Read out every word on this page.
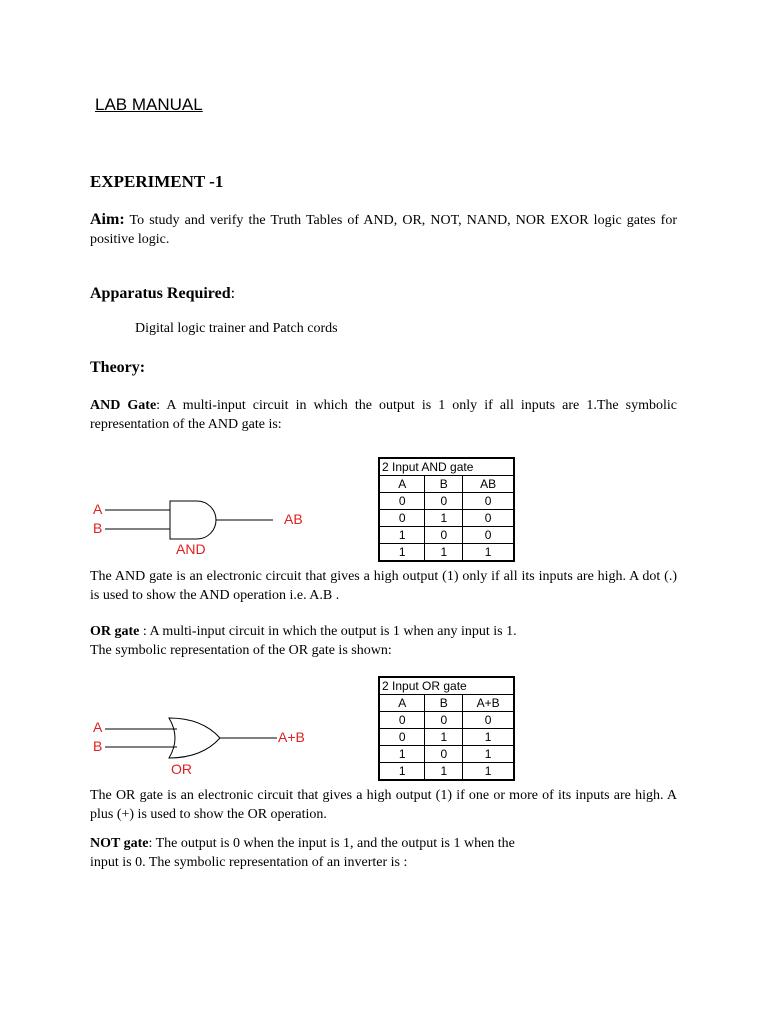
LAB MANUAL
EXPERIMENT -1
Aim: To study and verify the Truth Tables of AND, OR, NOT, NAND, NOR EXOR logic gates for positive logic.
Apparatus Required:
Digital logic trainer and Patch cords
Theory:
AND Gate: A multi-input circuit in which the output is 1 only if all inputs are 1.The symbolic representation of the AND gate is:
A
B
AB
AND
2 Input AND gate		
A	B	AB
0	0	0
0	1	0
1	0	0
1	1	1
The AND gate is an electronic circuit that gives a high output (1) only if all its inputs are high. A dot (.) is used to show the AND operation i.e. A.B .
OR gate : A multi-input circuit in which the output is 1 when any input is 1.
The symbolic representation of the OR gate is shown:
A
B
A+B
OR
2 Input OR gate		
A	B	A+B
0	0	0
0	1	1
1	0	1
1	1	1
The OR gate is an electronic circuit that gives a high output (1) if one or more of its inputs are high. A plus (+) is used to show the OR operation.
NOT gate: The output is 0 when the input is 1, and the output is 1 when the
input is 0. The symbolic representation of an inverter is :
